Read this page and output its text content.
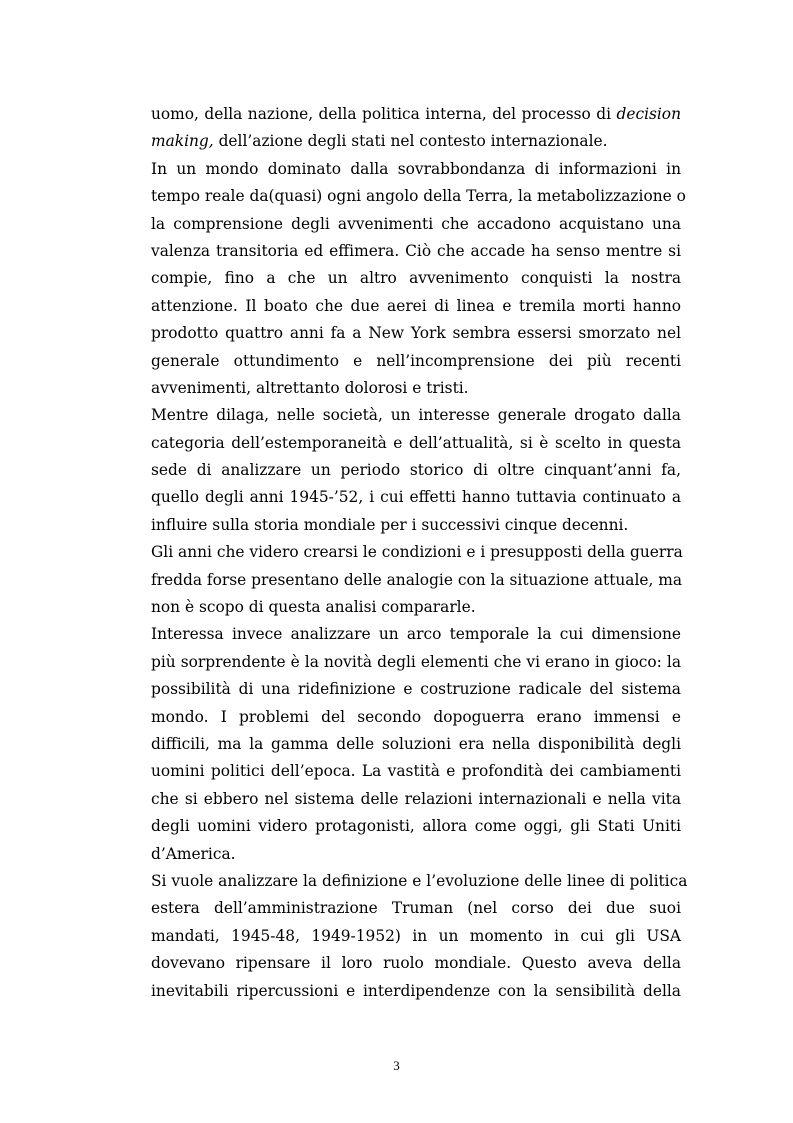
uomo, della nazione, della politica interna, del processo di decision
making, dell’azione degli stati nel contesto internazionale.
In un mondo dominato dalla sovrabbondanza di informazioni in
tempo reale da(quasi) ogni angolo della Terra, la metabolizzazione o
la comprensione degli avvenimenti che accadono acquistano una
valenza transitoria ed effimera. Ciò che accade ha senso mentre si
compie, fino a che un altro avvenimento conquisti la nostra
attenzione. Il boato che due aerei di linea e tremila morti hanno
prodotto quattro anni fa a New York sembra essersi smorzato nel
generale ottundimento e nell’incomprensione dei più recenti
avvenimenti, altrettanto dolorosi e tristi.
Mentre dilaga, nelle società, un interesse generale drogato dalla
categoria dell’estemporaneità e dell’attualità, si è scelto in questa
sede di analizzare un periodo storico di oltre cinquant’anni fa,
quello degli anni 1945-’52, i cui effetti hanno tuttavia continuato a
influire sulla storia mondiale per i successivi cinque decenni.
Gli anni che videro crearsi le condizioni e i presupposti della guerra
fredda forse presentano delle analogie con la situazione attuale, ma
non è scopo di questa analisi compararle.
Interessa invece analizzare un arco temporale la cui dimensione
più sorprendente è la novità degli elementi che vi erano in gioco: la
possibilità di una ridefinizione e costruzione radicale del sistema
mondo. I problemi del secondo dopoguerra erano immensi e
difficili, ma la gamma delle soluzioni era nella disponibilità degli
uomini politici dell’epoca. La vastità e profondità dei cambiamenti
che si ebbero nel sistema delle relazioni internazionali e nella vita
degli uomini videro protagonisti, allora come oggi, gli Stati Uniti
d’America.
Si vuole analizzare la definizione e l’evoluzione delle linee di politica
estera dell’amministrazione Truman (nel corso dei due suoi
mandati, 1945-48, 1949-1952) in un momento in cui gli USA
dovevano ripensare il loro ruolo mondiale. Questo aveva della
inevitabili ripercussioni e interdipendenze con la sensibilità della
3
